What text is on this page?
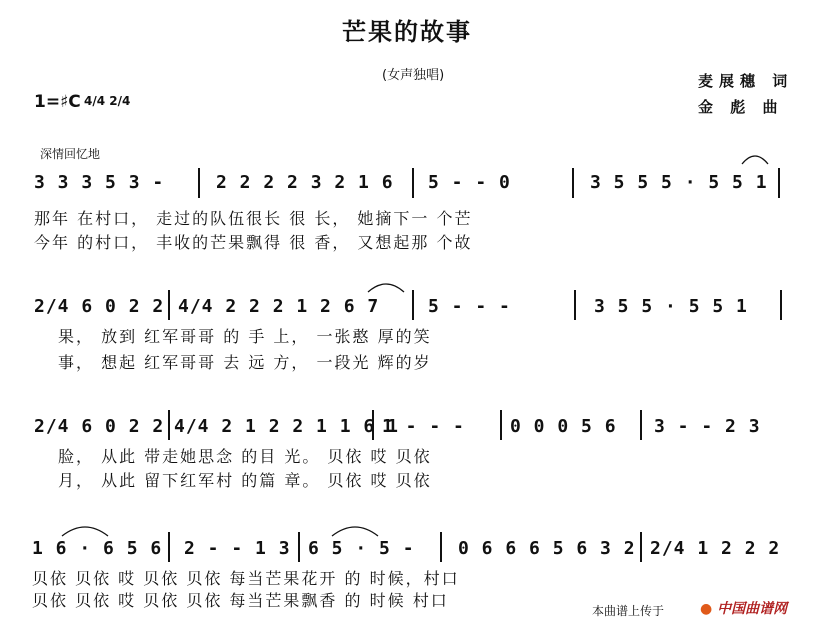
芒果的故事
(女声独唱)	麦展穗 词
金 彪 曲
1=♯C 4/4 2/4
深情回忆地
3 3 3 5 3 -	2 2 2 2 3 2 1 6 5 - - 0	3 5 5 5 · 5 5 1
那年 在村口， 走过的队伍很长 很 长， 她摘下一 个芒
今年 的村口， 丰收的芒果飘得 很 香， 又想起那 个故
2/4 6 0 2 2 4/4 2 2 2 1 2 6 7	5 - - -	3 5 5 · 5 5 1
果， 放到 红军哥哥 的 手 上， 一张憨 厚的笑
事， 想起 红军哥哥 去 远 方， 一段光 辉的岁
2/4 6 0 2 2 4/4 2 1 2 2 1 1 6 1
1 - - -	0 0 0 5 6 3 - - 2 3
脸， 从此 带走她思念 的目 光。 贝依 哎 贝依
月， 从此 留下红军村 的篇 章。 贝依 哎 贝依
1 6 · 6 5 6 2 - - 1 3 6 5 · 5 - 0 6 6 6 5 6 3 2 2/4 1 2 2 2
贝依 贝依 哎 贝依 贝依 每当芒果花开 的 时候，村口
贝依 贝依 哎 贝依 贝依 每当芒果飘香 的 时候 村口
本曲谱上传于	● 中国曲谱网
